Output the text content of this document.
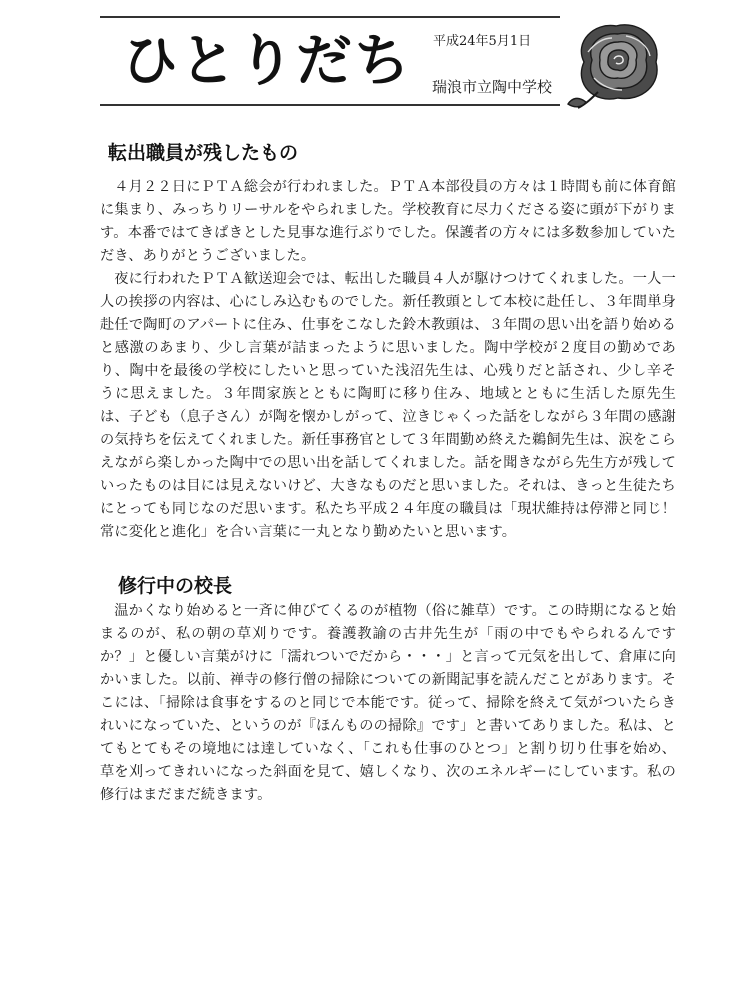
ひとりだち 平成24年5月1日
瑞浪市立陶中学校
転出職員が残したもの

４月２２日にＰＴＡ総会が行われました。ＰＴＡ本部役員の方々は１時間も前に体育館に集まり、みっちりリーサルをやられました。学校教育に尽力くださる姿に頭が下がります。本番ではてきぱきとした見事な進行ぶりでした。保護者の方々には多数参加していただき、ありがとうございました。

夜に行われたＰＴＡ歓送迎会では、転出した職員４人が駆けつけてくれました。一人一人の挨拶の内容は、心にしみ込むものでした。新任教頭として本校に赴任し、３年間単身赴任で陶町のアパートに住み、仕事をこなした鈴木教頭は、３年間の思い出を語り始めると感激のあまり、少し言葉が詰まったように思いました。陶中学校が２度目の勤めであり、陶中を最後の学校にしたいと思っていた浅沼先生は、心残りだと話され、少し辛そうに思えました。３年間家族とともに陶町に移り住み、地域とともに生活した原先生は、子ども（息子さん）が陶を懐かしがって、泣きじゃくった話をしながら３年間の感謝の気持ちを伝えてくれました。新任事務官として３年間勤め終えた鵜飼先生は、涙をこらえながら楽しかった陶中での思い出を話してくれました。話を聞きながら先生方が残していったものは目には見えないけど、大きなものだと思いました。それは、きっと生徒たちにとっても同じなのだ思います。私たち平成２４年度の職員は「現状維持は停滞と同じ！　常に変化と進化」を合い言葉に一丸となり勤めたいと思います。

修行中の校長

温かくなり始めると一斉に伸びてくるのが植物（俗に雑草）です。この時期になると始まるのが、私の朝の草刈りです。養護教諭の古井先生が「雨の中でもやられるんですか？」と優しい言葉がけに「濡れついでだから・・・」と言って元気を出して、倉庫に向かいました。以前、禅寺の修行僧の掃除についての新聞記事を読んだことがあります。そこには、「掃除は食事をするのと同じで本能です。従って、掃除を終えて気がついたらきれいになっていた、というのが『ほんものの掃除』です」と書いてありました。私は、とてもとてもその境地には達していなく、「これも仕事のひとつ」と割り切り仕事を始め、草を刈ってきれいになった斜面を見て、嬉しくなり、次のエネルギーにしています。私の修行はまだまだ続きます。
